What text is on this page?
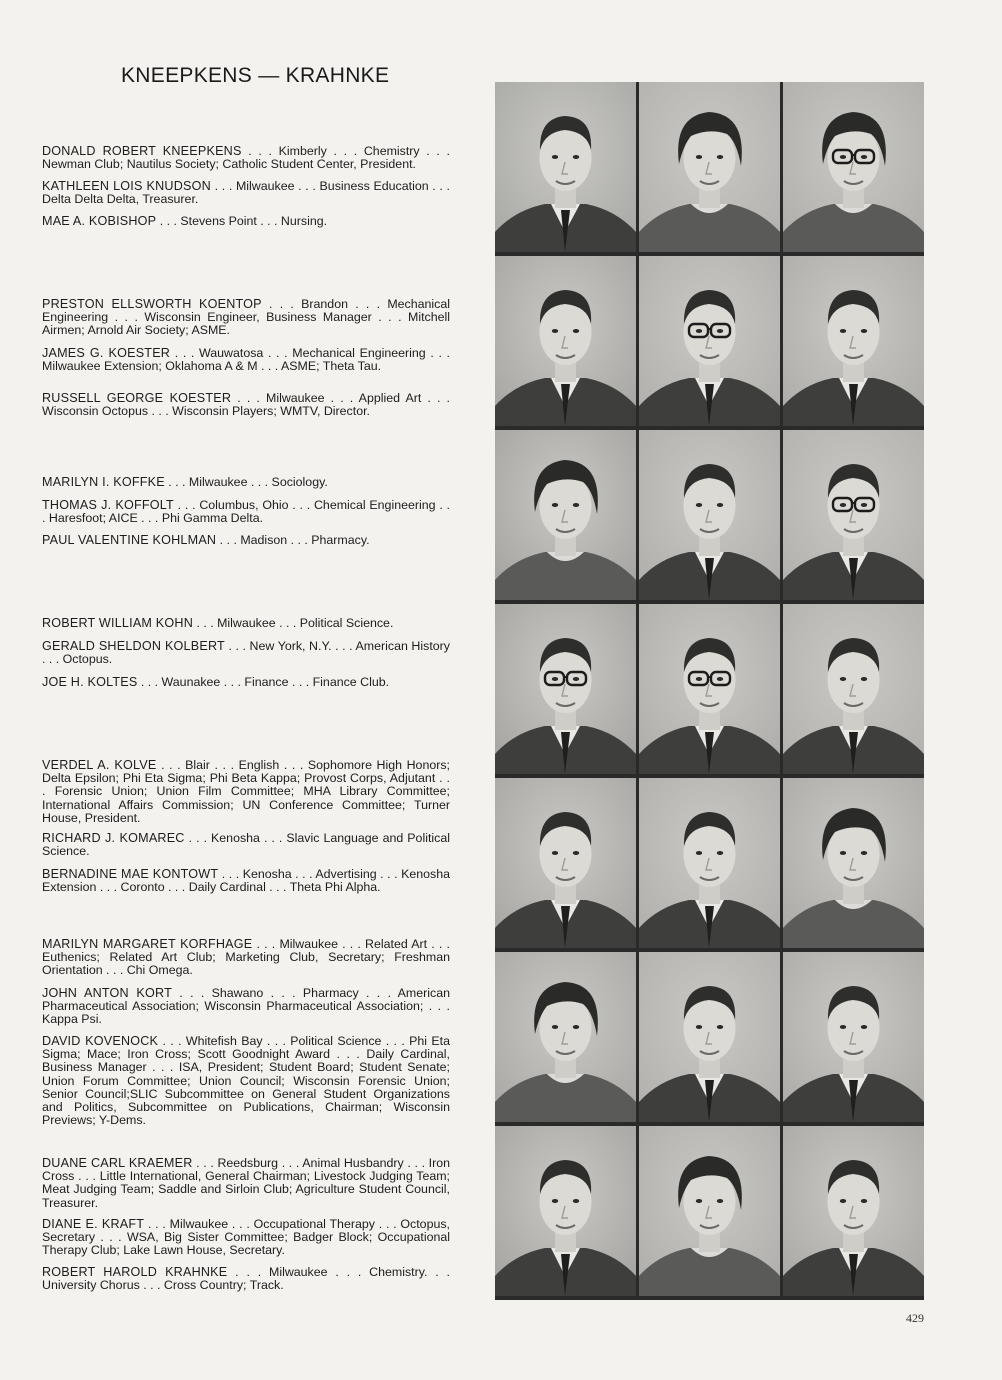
KNEEPKENS — KRAHNKE
DONALD ROBERT KNEEPKENS . . . Kimberly . . . Chemistry . . . Newman Club; Nautilus Society; Catholic Student Center, President.
KATHLEEN LOIS KNUDSON . . . Milwaukee . . . Business Education . . . Delta Delta Delta, Treasurer.
MAE A. KOBISHOP . . . Stevens Point . . . Nursing.
PRESTON ELLSWORTH KOENTOP . . . Brandon . . . Mechanical Engineering . . . Wisconsin Engineer, Business Manager . . . Mitchell Airmen; Arnold Air Society; ASME.
JAMES G. KOESTER . . . Wauwatosa . . . Mechanical Engineering . . . Milwaukee Extension; Oklahoma A & M . . . ASME; Theta Tau.
RUSSELL GEORGE KOESTER . . . Milwaukee . . . Applied Art . . . Wisconsin Octopus . . . Wisconsin Players; WMTV, Director.
MARILYN I. KOFFKE . . . Milwaukee . . . Sociology.
THOMAS J. KOFFOLT . . . Columbus, Ohio . . . Chemical Engineering . . . Haresfoot; AICE . . . Phi Gamma Delta.
PAUL VALENTINE KOHLMAN . . . Madison . . . Pharmacy.
ROBERT WILLIAM KOHN . . . Milwaukee . . . Political Science.
GERALD SHELDON KOLBERT . . . New York, N.Y. . . . American History . . . Octopus.
JOE H. KOLTES . . . Waunakee . . . Finance . . . Finance Club.
VERDEL A. KOLVE . . . Blair . . . English . . . Sophomore High Honors; Delta Epsilon; Phi Eta Sigma; Phi Beta Kappa; Provost Corps, Adjutant . . . Forensic Union; Union Film Committee; MHA Library Committee; International Affairs Commission; UN Conference Committee; Turner House, President.
RICHARD J. KOMAREC . . . Kenosha . . . Slavic Language and Political Science.
BERNADINE MAE KONTOWT . . . Kenosha . . . Advertising . . . Kenosha Extension . . . Coronto . . . Daily Cardinal . . . Theta Phi Alpha.
MARILYN MARGARET KORFHAGE . . . Milwaukee . . . Related Art . . . Euthenics; Related Art Club; Marketing Club, Secretary; Freshman Orientation . . . Chi Omega.
JOHN ANTON KORT . . . Shawano . . . Pharmacy . . . American Pharmaceutical Association; Wisconsin Pharmaceutical Association; . . . Kappa Psi.
DAVID KOVENOCK . . . Whitefish Bay . . . Political Science . . . Phi Eta Sigma; Mace; Iron Cross; Scott Goodnight Award . . . Daily Cardinal, Business Manager . . . ISA, President; Student Board; Student Senate; Union Forum Committee; Union Council; Wisconsin Forensic Union; Senior Council;SLIC Subcommittee on General Student Organizations and Politics, Subcommittee on Publications, Chairman; Wisconsin Previews; Y-Dems.
DUANE CARL KRAEMER . . . Reedsburg . . . Animal Husbandry . . . Iron Cross . . . Little International, General Chairman; Livestock Judging Team; Meat Judging Team; Saddle and Sirloin Club; Agriculture Student Council, Treasurer.
DIANE E. KRAFT . . . Milwaukee . . . Occupational Therapy . . . Octopus, Secretary . . . WSA, Big Sister Committee; Badger Block; Occupational Therapy Club; Lake Lawn House, Secretary.
ROBERT HAROLD KRAHNKE . . . Milwaukee . . . Chemistry. . . University Chorus . . . Cross Country; Track.
429
